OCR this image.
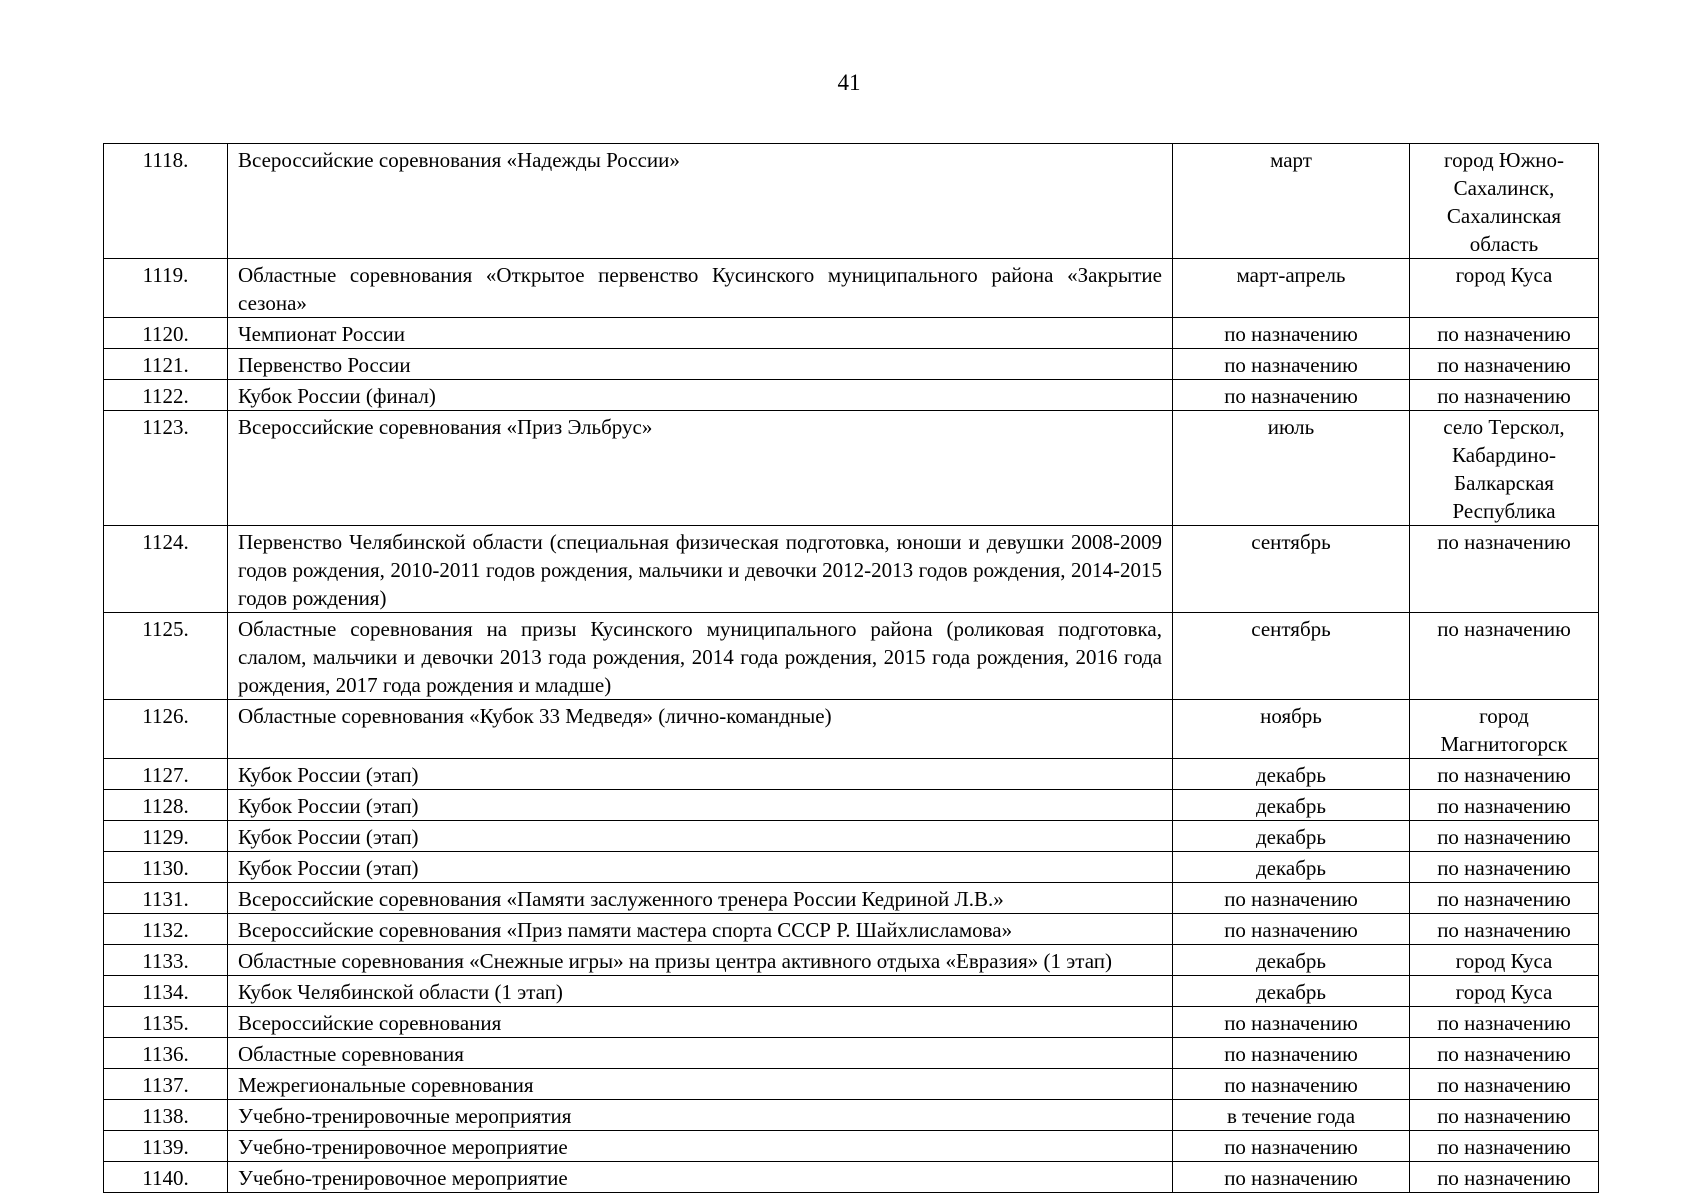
41
1118.	Всероссийские соревнования «Надежды России»	март	город Южно-Сахалинск, Сахалинская область
1119.	Областные соревнования «Открытое первенство Кусинского муниципального района «Закрытие сезона»	март-апрель	город Куса
1120.	Чемпионат России	по назначению	по назначению
1121.	Первенство России	по назначению	по назначению
1122.	Кубок России (финал)	по назначению	по назначению
1123.	Всероссийские соревнования «Приз Эльбрус»	июль	село Терскол, Кабардино-Балкарская Республика
1124.	Первенство Челябинской области (специальная физическая подготовка, юноши и девушки 2008-2009 годов рождения, 2010-2011 годов рождения, мальчики и девочки 2012-2013 годов рождения, 2014-2015 годов рождения)	сентябрь	по назначению
1125.	Областные соревнования на призы Кусинского муниципального района (роликовая подготовка, слалом, мальчики и девочки 2013 года рождения, 2014 года рождения, 2015 года рождения, 2016 года рождения, 2017 года рождения и младше)	сентябрь	по назначению
1126.	Областные соревнования «Кубок 33 Медведя» (лично-командные)	ноябрь	город Магнитогорск
1127.	Кубок России (этап)	декабрь	по назначению
1128.	Кубок России (этап)	декабрь	по назначению
1129.	Кубок России (этап)	декабрь	по назначению
1130.	Кубок России (этап)	декабрь	по назначению
1131.	Всероссийские соревнования «Памяти заслуженного тренера России Кедриной Л.В.»	по назначению	по назначению
1132.	Всероссийские соревнования «Приз памяти мастера спорта СССР Р. Шайхлисламова»	по назначению	по назначению
1133.	Областные соревнования «Снежные игры» на призы центра активного отдыха «Евразия» (1 этап)	декабрь	город Куса
1134.	Кубок Челябинской области (1 этап)	декабрь	город Куса
1135.	Всероссийские соревнования	по назначению	по назначению
1136.	Областные соревнования	по назначению	по назначению
1137.	Межрегиональные соревнования	по назначению	по назначению
1138.	Учебно-тренировочные мероприятия	в течение года	по назначению
1139.	Учебно-тренировочное мероприятие	по назначению	по назначению
1140.	Учебно-тренировочное мероприятие	по назначению	по назначению
